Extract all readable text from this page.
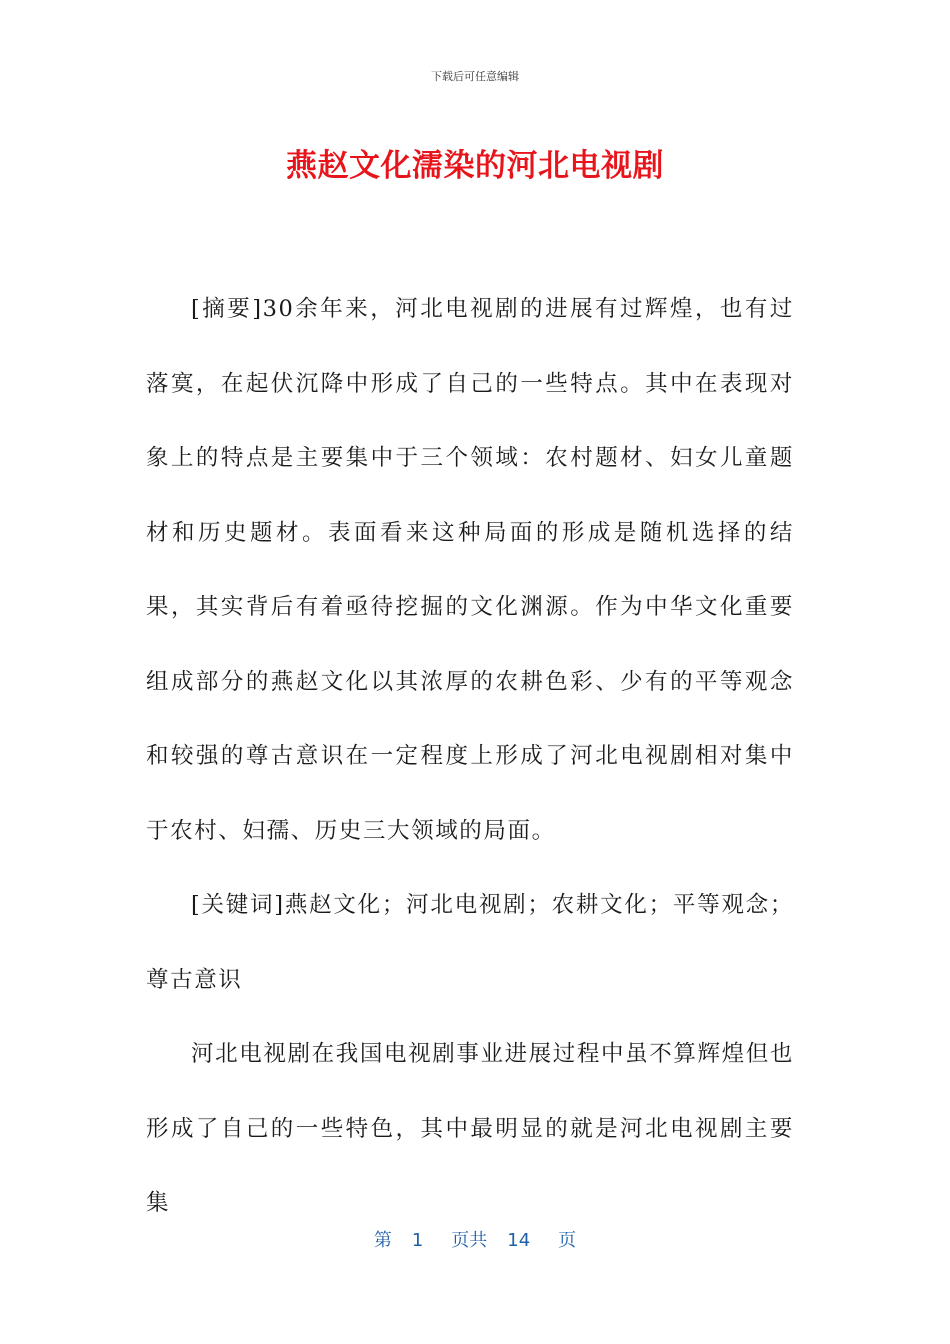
下载后可任意编辑
燕赵文化濡染的河北电视剧

[摘要]30余年来，河北电视剧的进展有过辉煌，也有过落寞，在起伏沉降中形成了自己的一些特点。其中在表现对象上的特点是主要集中于三个领域：农村题材、妇女儿童题材和历史题材。表面看来这种局面的形成是随机选择的结果，其实背后有着亟待挖掘的文化渊源。作为中华文化重要组成部分的燕赵文化以其浓厚的农耕色彩、少有的平等观念和较强的尊古意识在一定程度上形成了河北电视剧相对集中于农村、妇孺、历史三大领域的局面。

[关键词]燕赵文化；河北电视剧；农耕文化；平等观念；尊古意识

河北电视剧在我国电视剧事业进展过程中虽不算辉煌但也形成了自己的一些特色，其中最明显的就是河北电视剧主要集

第 1 页共 14 页
